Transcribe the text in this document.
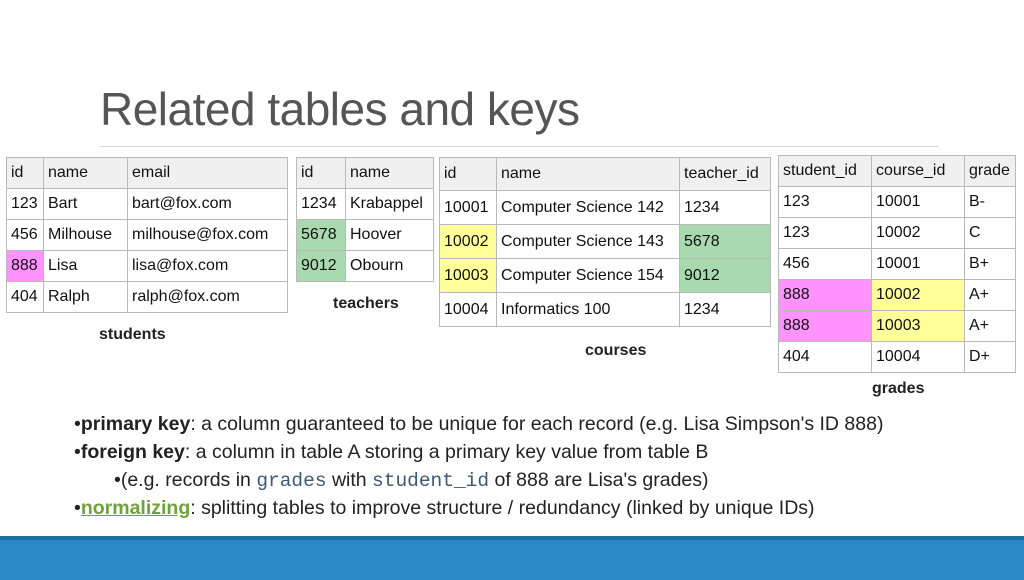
Related tables and keys
id	name	email
123	Bart	bart@fox.com
456	Milhouse	milhouse@fox.com
888	Lisa	lisa@fox.com
404	Ralph	ralph@fox.com
students
id	name
1234	Krabappel
5678	Hoover
9012	Obourn
teachers
id	name	teacher_id
10001	Computer Science 142	1234
10002	Computer Science 143	5678
10003	Computer Science 154	9012
10004	Informatics 100	1234
courses
student_id	course_id	grade
123	10001	B-
123	10002	C
456	10001	B+
888	10002	A+
888	10003	A+
404	10004	D+
grades
•primary key: a column guaranteed to be unique for each record (e.g. Lisa Simpson's ID 888)
•foreign key: a column in table A storing a primary key value from table B
•(e.g. records in grades with student_id of 888 are Lisa's grades)
•normalizing: splitting tables to improve structure / redundancy (linked by unique IDs)
